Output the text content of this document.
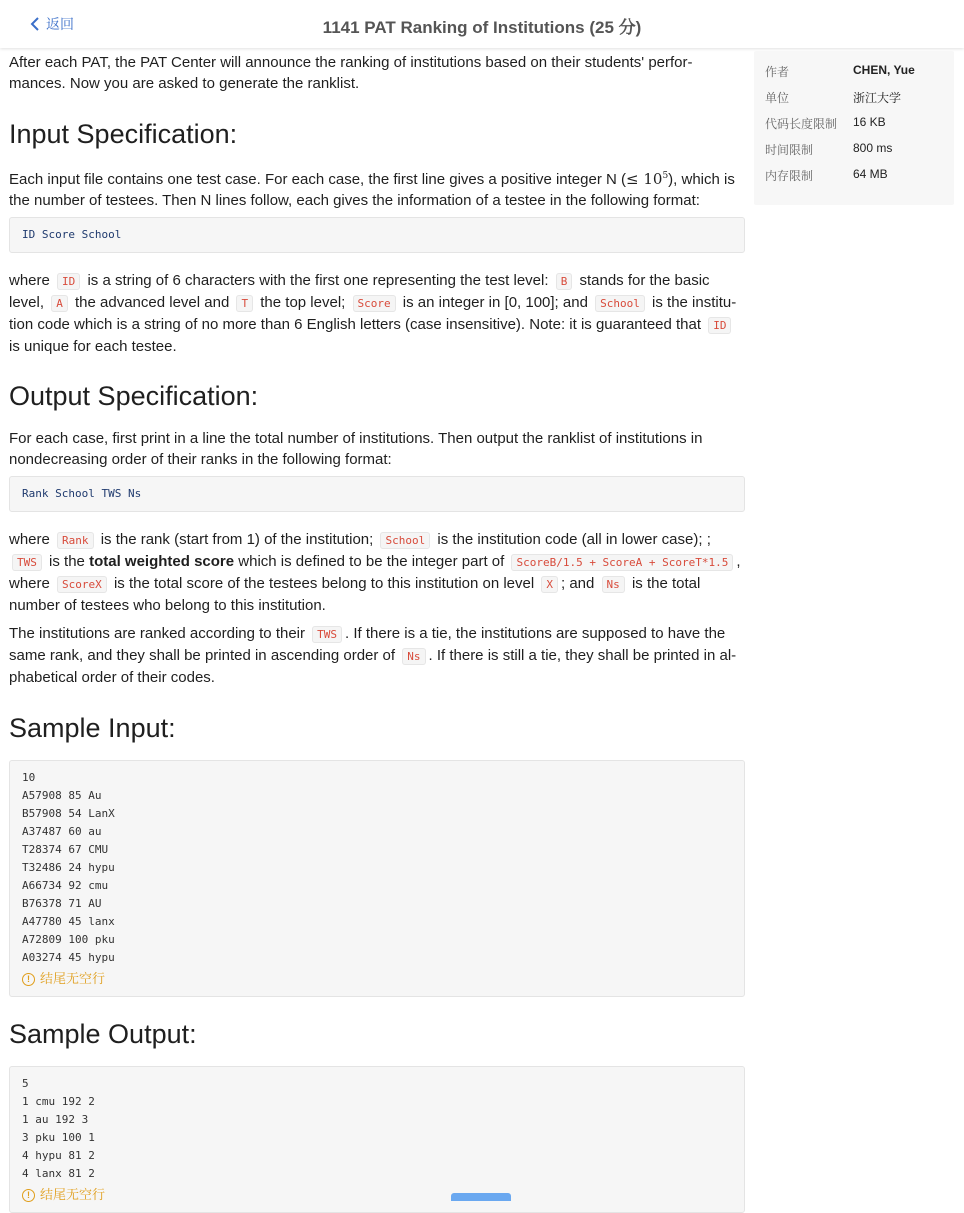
返回	1141 PAT Ranking of Institutions (25 分)

After each PAT, the PAT Center will announce the ranking of institutions based on their students' perfor-mances. Now you are asked to generate the ranklist.

Input Specification:

Each input file contains one test case. For each case, the first line gives a positive integer N (≤ $10^5$), which is the number of testees. Then N lines follow, each gives the information of a testee in the following format:

ID Score School

where ID is a string of 6 characters with the first one representing the test level: B stands for the basic level, A the advanced level and T the top level; Score is an integer in [0, 100]; and School is the institu-tion code which is a string of no more than 6 English letters (case insensitive). Note: it is guaranteed that ID is unique for each testee.

Output Specification:

For each case, first print in a line the total number of institutions. Then output the ranklist of institutions in nondecreasing order of their ranks in the following format:

Rank School TWS Ns

where Rank is the rank (start from 1) of the institution; School is the institution code (all in lower case); ; TWS is the total weighted score which is defined to be the integer part of ScoreB/1.5 + ScoreA + ScoreT*1.5 , where ScoreX is the total score of the testees belong to this institution on level X ; and Ns is the total number of testees who belong to this institution.

The institutions are ranked according to their TWS . If there is a tie, the institutions are supposed to have the same rank, and they shall be printed in ascending order of Ns . If there is still a tie, they shall be printed in al-phabetical order of their codes.

Sample Input:
10
A57908 85 Au
B57908 54 LanX
A37487 60 au
T28374 67 CMU
T32486 24 hypu
A66734 92 cmu
B76378 71 AU
A47780 45 lanx
A72809 100 pku
A03274 45 hypu
! 结尾无空行
Sample Output:
5
1 cmu 192 2
1 au 192 3
3 pku 100 1
4 hypu 81 2
4 lanx 81 2
! 结尾无空行
作者	CHEN, Yue
单位	浙江大学
代码长度限制	16 KB
时间限制	800 ms
内存限制	64 MB
